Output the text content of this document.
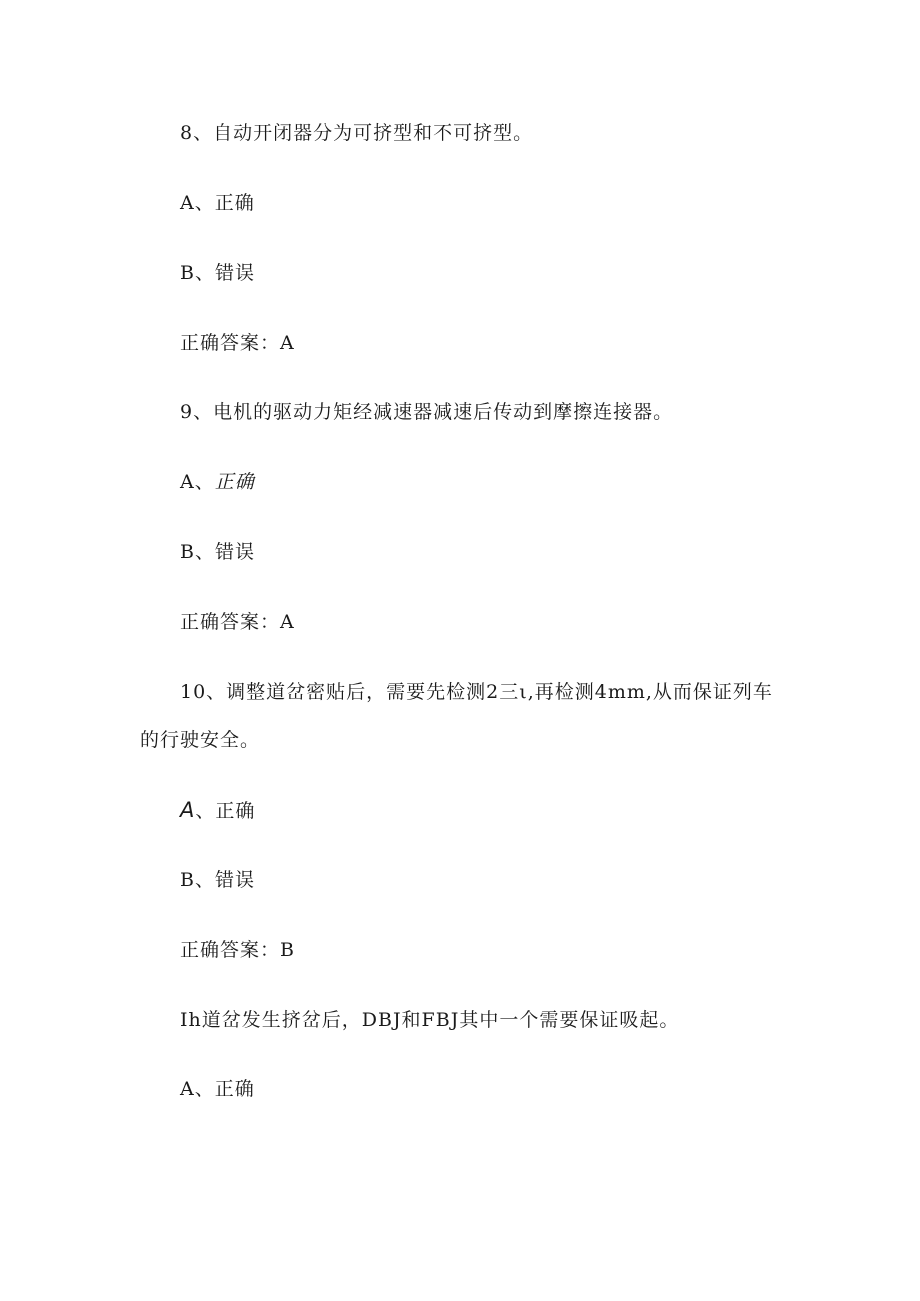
8、自动开闭器分为可挤型和不可挤型。
A、正确
B、错误
正确答案：A
9、电机的驱动力矩经减速器减速后传动到摩擦连接器。
A、正确
B、错误
正确答案：A
10、调整道岔密贴后，需要先检测2三ι,再检测4mm,从而保证列车
的行驶安全。
A、正确
B、错误
正确答案：B
Ih道岔发生挤岔后，DBJ和FBJ其中一个需要保证吸起。
A、正确
